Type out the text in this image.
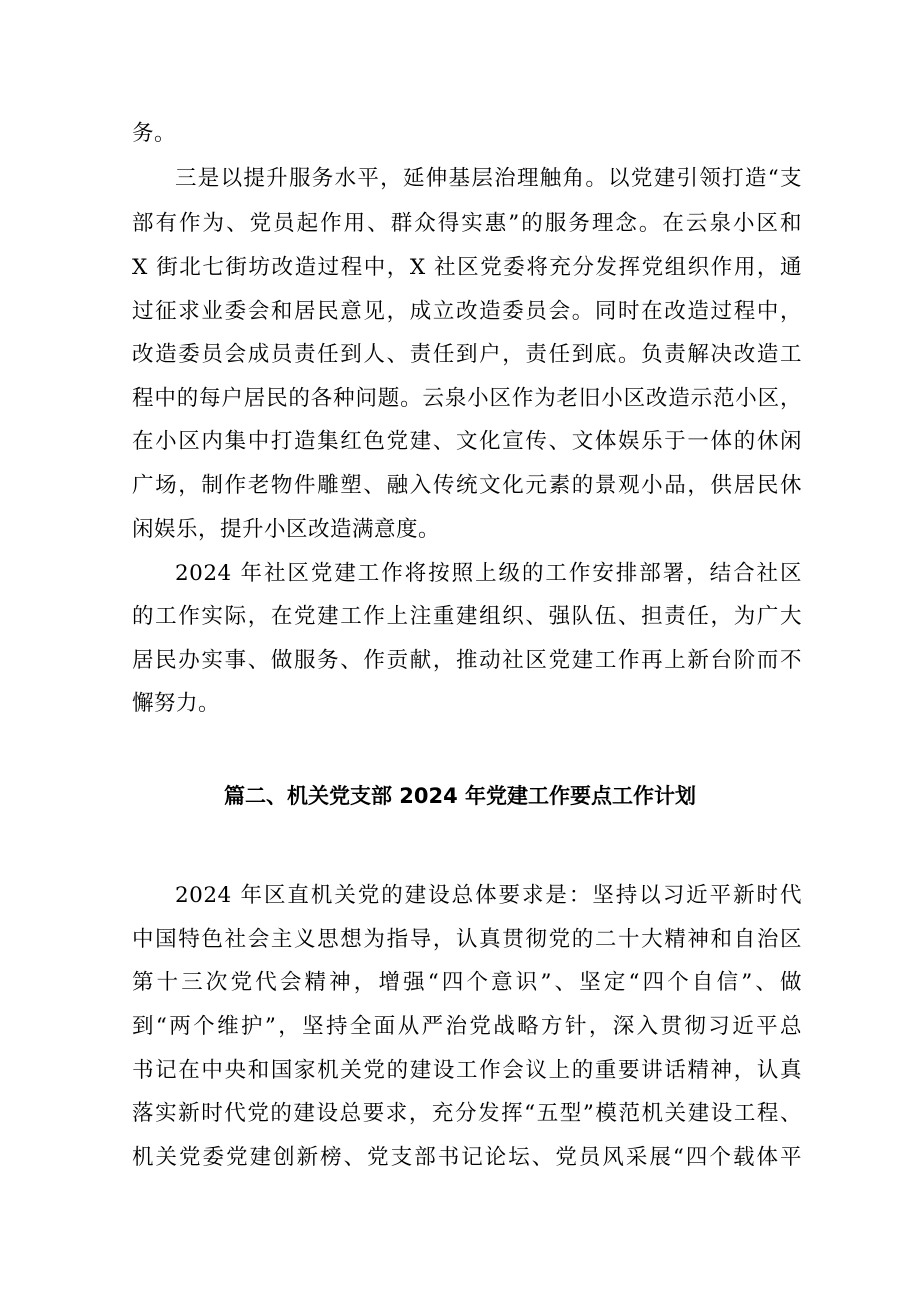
务。
三是以提升服务水平，延伸基层治理触角。以党建引领打造“支
部有作为、党员起作用、群众得实惠”的服务理念。在云泉小区和
X 街北七街坊改造过程中，X 社区党委将充分发挥党组织作用，通
过征求业委会和居民意见，成立改造委员会。同时在改造过程中，
改造委员会成员责任到人、责任到户，责任到底。负责解决改造工
程中的每户居民的各种问题。云泉小区作为老旧小区改造示范小区，
在小区内集中打造集红色党建、文化宣传、文体娱乐于一体的休闲
广场，制作老物件雕塑、融入传统文化元素的景观小品，供居民休
闲娱乐，提升小区改造满意度。
2024 年社区党建工作将按照上级的工作安排部署，结合社区
的工作实际，在党建工作上注重建组织、强队伍、担责任，为广大
居民办实事、做服务、作贡献，推动社区党建工作再上新台阶而不
懈努力。
篇二、机关党支部 2024 年党建工作要点工作计划
2024 年区直机关党的建设总体要求是：坚持以习近平新时代
中国特色社会主义思想为指导，认真贯彻党的二十大精神和自治区
第十三次党代会精神，增强“四个意识”、坚定“四个自信”、做
到“两个维护”，坚持全面从严治党战略方针，深入贯彻习近平总
书记在中央和国家机关党的建设工作会议上的重要讲话精神，认真
落实新时代党的建设总要求，充分发挥“五型”模范机关建设工程、
机关党委党建创新榜、党支部书记论坛、党员风采展“四个载体平
